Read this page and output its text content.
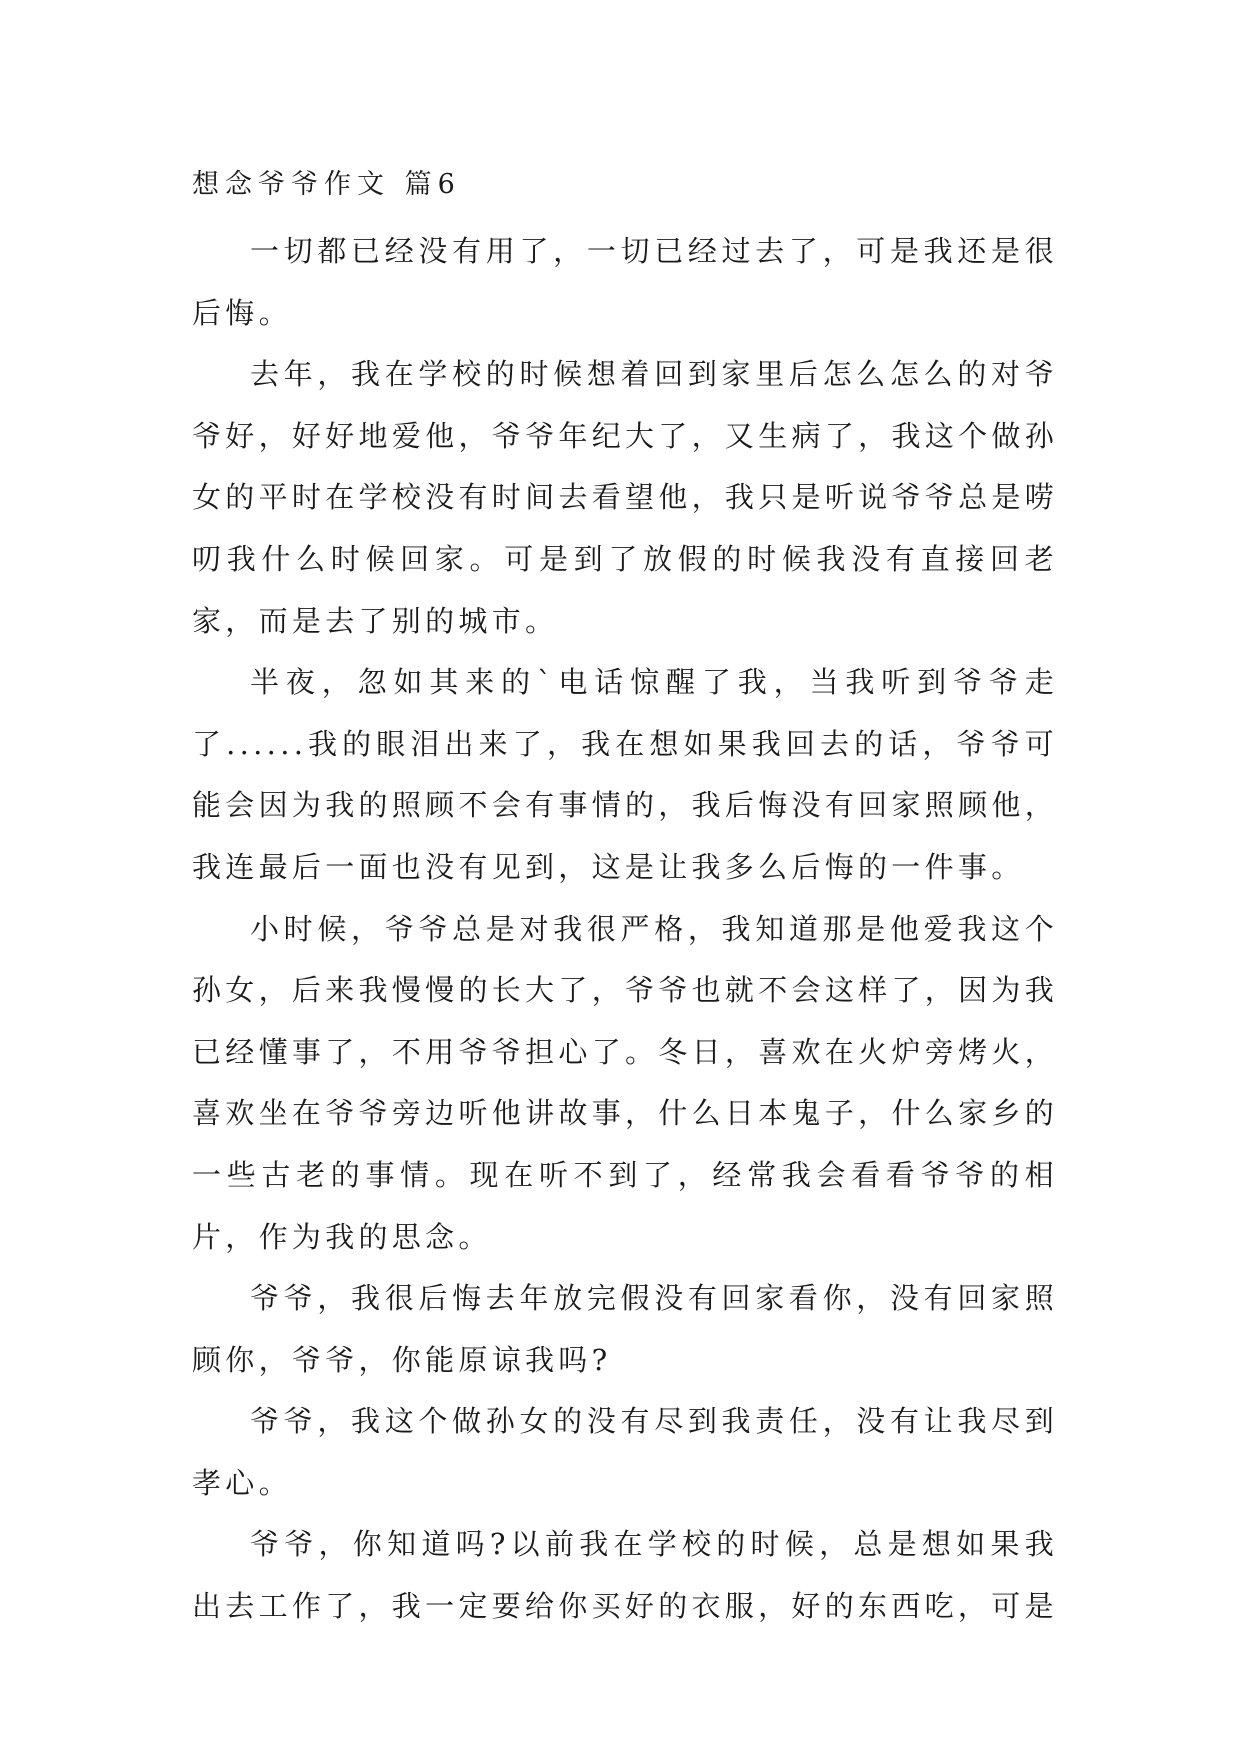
想念爷爷作文 篇6

一切都已经没有用了，一切已经过去了，可是我还是很后悔。

去年，我在学校的时候想着回到家里后怎么怎么的对爷爷好，好好地爱他，爷爷年纪大了，又生病了，我这个做孙女的平时在学校没有时间去看望他，我只是听说爷爷总是唠叨我什么时候回家。可是到了放假的时候我没有直接回老家，而是去了别的城市。

半夜，忽如其来的`电话惊醒了我，当我听到爷爷走了......我的眼泪出来了，我在想如果我回去的话，爷爷可能会因为我的照顾不会有事情的，我后悔没有回家照顾他，我连最后一面也没有见到，这是让我多么后悔的一件事。

小时候，爷爷总是对我很严格，我知道那是他爱我这个孙女，后来我慢慢的长大了，爷爷也就不会这样了，因为我已经懂事了，不用爷爷担心了。冬日，喜欢在火炉旁烤火，喜欢坐在爷爷旁边听他讲故事，什么日本鬼子，什么家乡的一些古老的事情。现在听不到了，经常我会看看爷爷的相片，作为我的思念。

爷爷，我很后悔去年放完假没有回家看你，没有回家照顾你，爷爷，你能原谅我吗?

爷爷，我这个做孙女的没有尽到我责任，没有让我尽到孝心。

爷爷，你知道吗?以前我在学校的时候，总是想如果我出去工作了，我一定要给你买好的衣服，好的东西吃，可是
